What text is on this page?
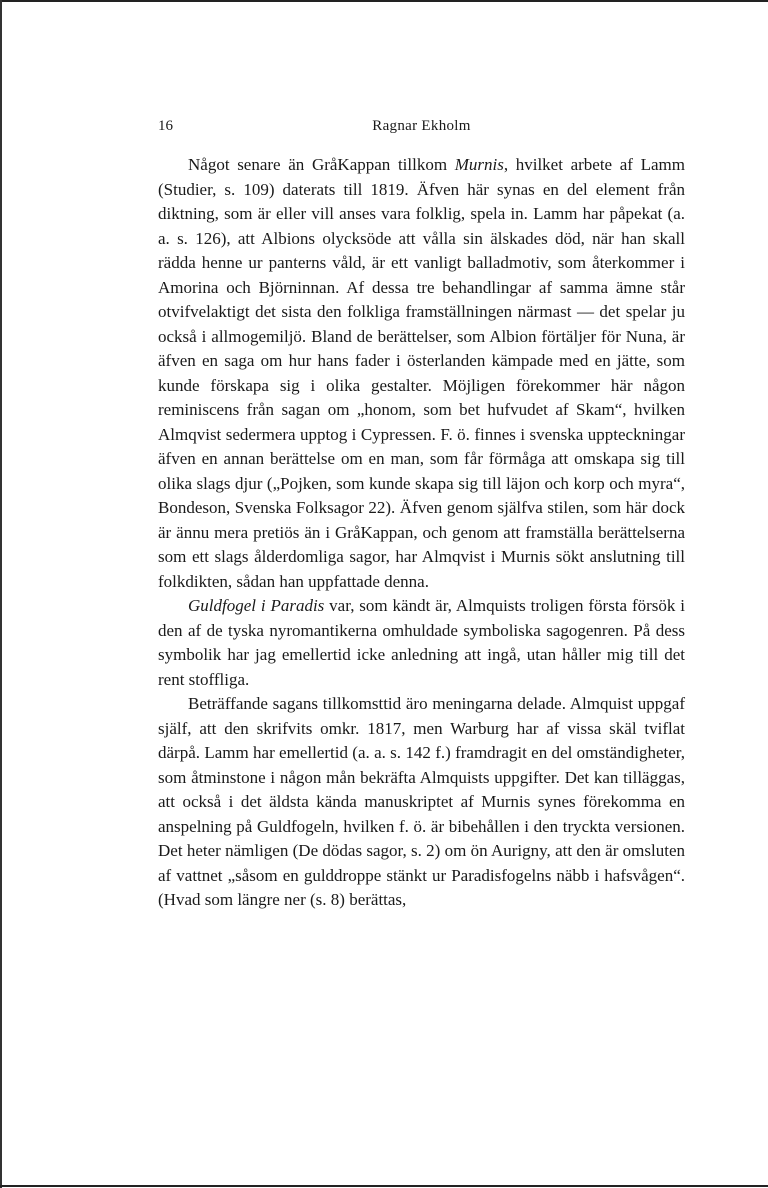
16	Ragnar Ekholm

Något senare än GråKappan tillkom Murnis, hvilket arbete af Lamm (Studier, s. 109) daterats till 1819. Äfven här synas en del element från diktning, som är eller vill anses vara folklig, spela in. Lamm har påpekat (a. a. s. 126), att Albions olycksöde att vålla sin älskades död, när han skall rädda henne ur panterns våld, är ett vanligt balladmotiv, som återkommer i Amorina och Björninnan. Af dessa tre behandlingar af samma ämne står otvifvelaktigt det sista den folkliga framställningen närmast — det spelar ju också i allmogemiljö. Bland de berättelser, som Albion förtäljer för Nuna, är äfven en saga om hur hans fader i österlanden kämpade med en jätte, som kunde förskapa sig i olika gestalter. Möjligen förekommer här någon reminiscens från sagan om „honom, som bet hufvudet af Skam“, hvilken Almqvist sedermera upptog i Cypressen. F. ö. finnes i svenska uppteckningar äfven en annan berättelse om en man, som får förmåga att omskapa sig till olika slags djur („Pojken, som kunde skapa sig till läjon och korp och myra“, Bondeson, Svenska Folksagor 22). Äfven genom själfva stilen, som här dock är ännu mera pretiös än i GråKappan, och genom att framställa berättelserna som ett slags ålderdomliga sagor, har Almqvist i Murnis sökt anslutning till folkdikten, sådan han uppfattade denna.

Guldfogel i Paradis var, som kändt är, Almquists troligen första försök i den af de tyska nyromantikerna omhuldade symboliska sagogenren. På dess symbolik har jag emellertid icke anledning att ingå, utan håller mig till det rent stoffliga.

Beträffande sagans tillkomsttid äro meningarna delade. Almquist uppgaf själf, att den skrifvits omkr. 1817, men Warburg har af vissa skäl tviflat därpå. Lamm har emellertid (a. a. s. 142 f.) framdragit en del omständigheter, som åtminstone i någon mån bekräfta Almquists uppgifter. Det kan tilläggas, att också i det äldsta kända manuskriptet af Murnis synes förekomma en anspelning på Guldfogeln, hvilken f. ö. är bibehållen i den tryckta versionen. Det heter nämligen (De dödas sagor, s. 2) om ön Aurigny, att den är omsluten af vattnet „såsom en gulddroppe stänkt ur Paradisfogelns näbb i hafsvågen“. (Hvad som längre ner (s. 8) berättas,
